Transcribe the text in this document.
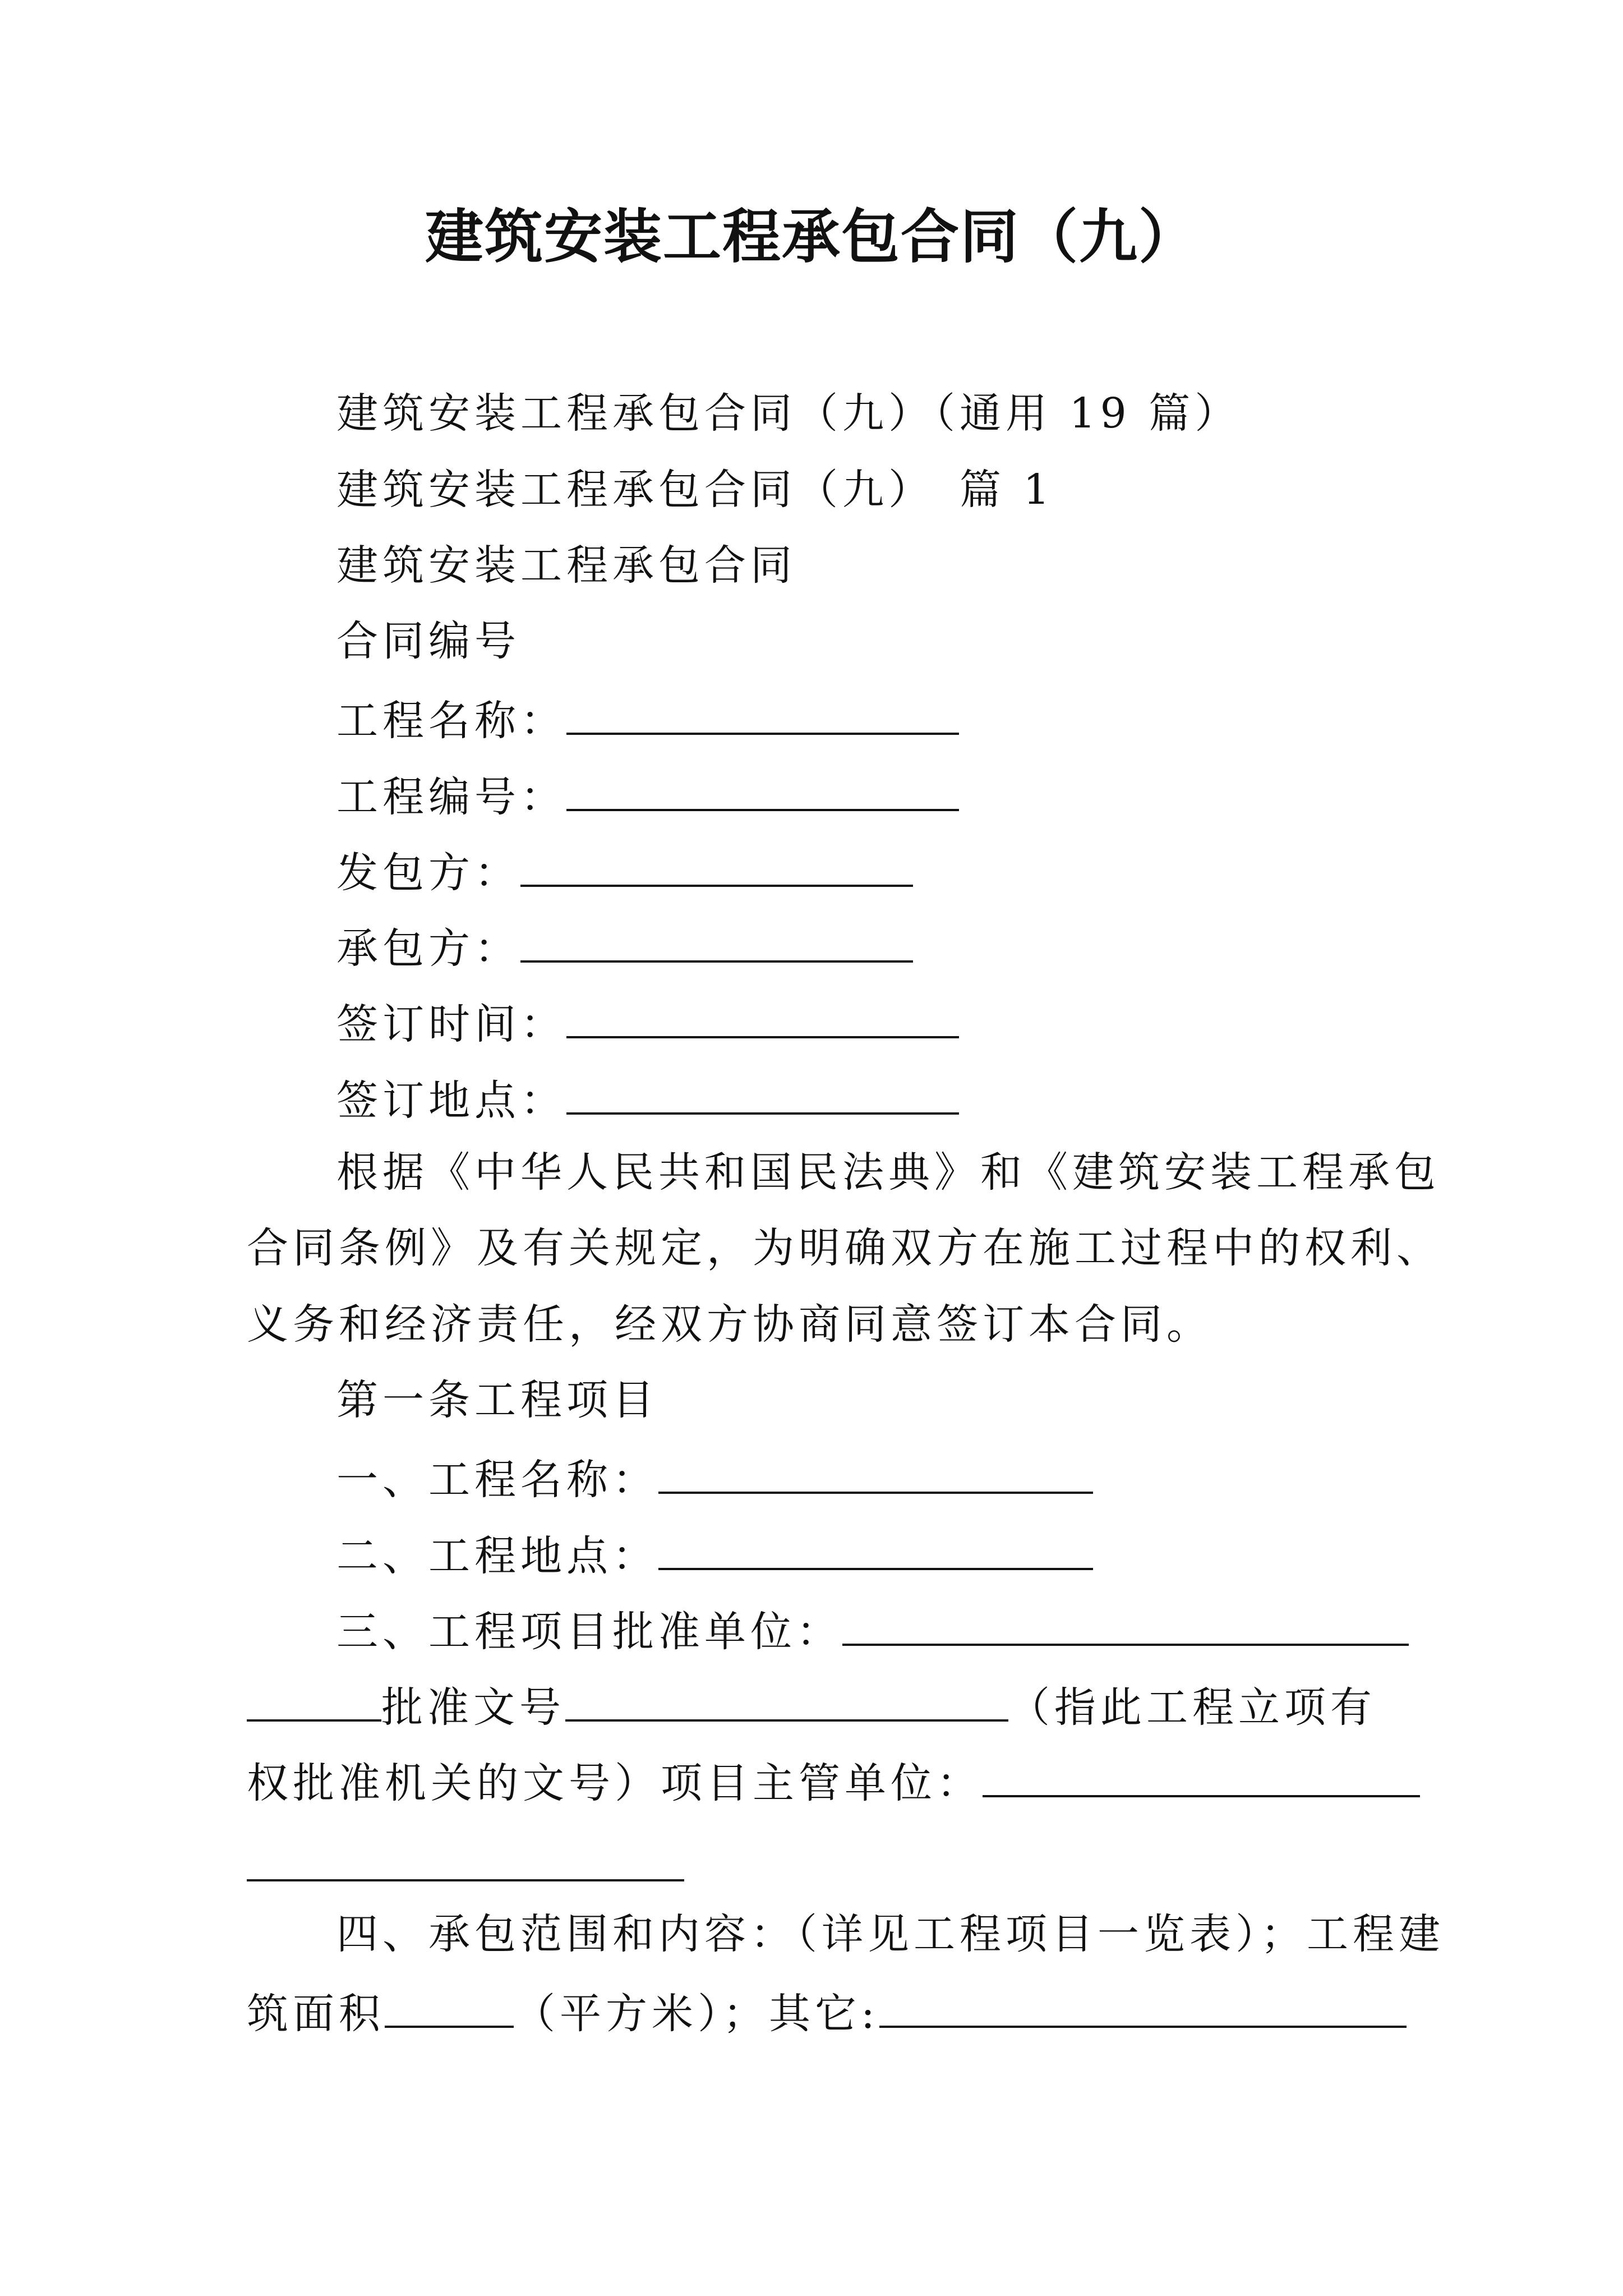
建筑安装工程承包合同（九）
建筑安装工程承包合同（九）（通用 19 篇）
建筑安装工程承包合同（九）　篇 1
建筑安装工程承包合同
合同编号
工程名称：
工程编号：
发包方：
承包方：
签订时间：
签订地点：
根据《中华人民共和国民法典》和《建筑安装工程承包
合同条例》及有关规定，为明确双方在施工过程中的权利、
义务和经济责任，经双方协商同意签订本合同。
第一条工程项目
一、工程名称：
二、工程地点：
三、工程项目批准单位：
批准文号	（指此工程立项有
权批准机关的文号）项目主管单位：
四、承包范围和内容：（详见工程项目一览表）；工程建
筑面积	（平方米）；其它:
